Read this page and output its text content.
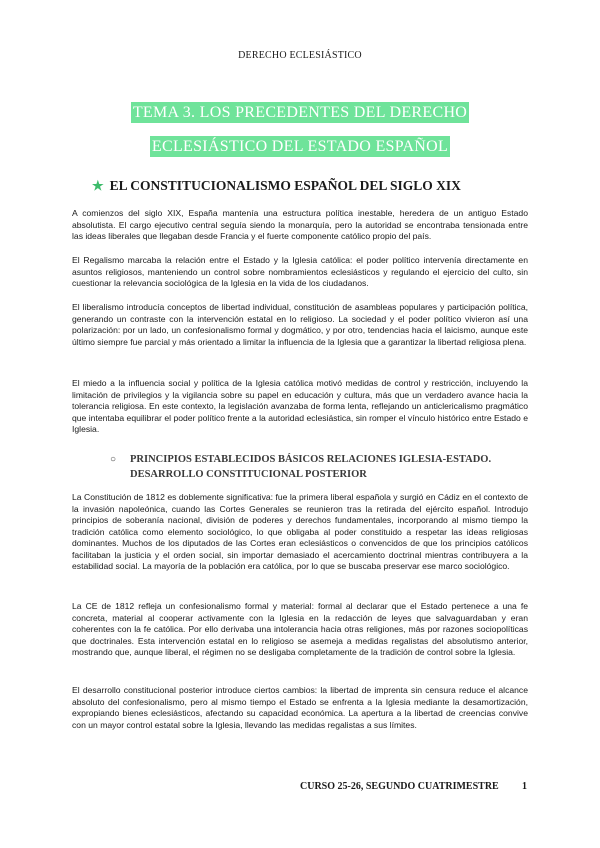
DERECHO ECLESIÁSTICO
TEMA 3. LOS PRECEDENTES DEL DERECHO
ECLESIÁSTICO DEL ESTADO ESPAÑOL
★ EL CONSTITUCIONALISMO ESPAÑOL DEL SIGLO XIX

A comienzos del siglo XIX, España mantenía una estructura política inestable, heredera de un antiguo Estado absolutista. El cargo ejecutivo central seguía siendo la monarquía, pero la autoridad se encontraba tensionada entre las ideas liberales que llegaban desde Francia y el fuerte componente católico propio del país.

El Regalismo marcaba la relación entre el Estado y la Iglesia católica: el poder político intervenía directamente en asuntos religiosos, manteniendo un control sobre nombramientos eclesiásticos y regulando el ejercicio del culto, sin cuestionar la relevancia sociológica de la Iglesia en la vida de los ciudadanos.

El liberalismo introducía conceptos de libertad individual, constitución de asambleas populares y participación política, generando un contraste con la intervención estatal en lo religioso. La sociedad y el poder político vivieron así una polarización: por un lado, un confesionalismo formal y dogmático, y por otro, tendencias hacia el laicismo, aunque este último siempre fue parcial y más orientado a limitar la influencia de la Iglesia que a garantizar la libertad religiosa plena.

El miedo a la influencia social y política de la Iglesia católica motivó medidas de control y restricción, incluyendo la limitación de privilegios y la vigilancia sobre su papel en educación y cultura, más que un verdadero avance hacia la tolerancia religiosa. En este contexto, la legislación avanzaba de forma lenta, reflejando un anticlericalismo pragmático que intentaba equilibrar el poder político frente a la autoridad eclesiástica, sin romper el vínculo histórico entre Estado e Iglesia.

○ PRINCIPIOS ESTABLECIDOS BÁSICOS RELACIONES IGLESIA-ESTADO.
DESARROLLO CONSTITUCIONAL POSTERIOR

La Constitución de 1812 es doblemente significativa: fue la primera liberal española y surgió en Cádiz en el contexto de la invasión napoleónica, cuando las Cortes Generales se reunieron tras la retirada del ejército español. Introdujo principios de soberanía nacional, división de poderes y derechos fundamentales, incorporando al mismo tiempo la tradición católica como elemento sociológico, lo que obligaba al poder constituido a respetar las ideas religiosas dominantes. Muchos de los diputados de las Cortes eran eclesiásticos o convencidos de que los principios católicos facilitaban la justicia y el orden social, sin importar demasiado el acercamiento doctrinal mientras contribuyera a la estabilidad social. La mayoría de la población era católica, por lo que se buscaba preservar ese marco sociológico.

La CE de 1812 refleja un confesionalismo formal y material: formal al declarar que el Estado pertenece a una fe concreta, material al cooperar activamente con la Iglesia en la redacción de leyes que salvaguardaban y eran coherentes con la fe católica. Por ello derivaba una intolerancia hacia otras religiones, más por razones sociopolíticas que doctrinales. Esta intervención estatal en lo religioso se asemeja a medidas regalistas del absolutismo anterior, mostrando que, aunque liberal, el régimen no se desligaba completamente de la tradición de control sobre la Iglesia.

El desarrollo constitucional posterior introduce ciertos cambios: la libertad de imprenta sin censura reduce el alcance absoluto del confesionalismo, pero al mismo tiempo el Estado se enfrenta a la Iglesia mediante la desamortización, expropiando bienes eclesiásticos, afectando su capacidad económica. La apertura a la libertad de creencias convive con un mayor control estatal sobre la Iglesia, llevando las medidas regalistas a sus límites.

CURSO 25-26, SEGUNDO CUATRIMESTRE 1
